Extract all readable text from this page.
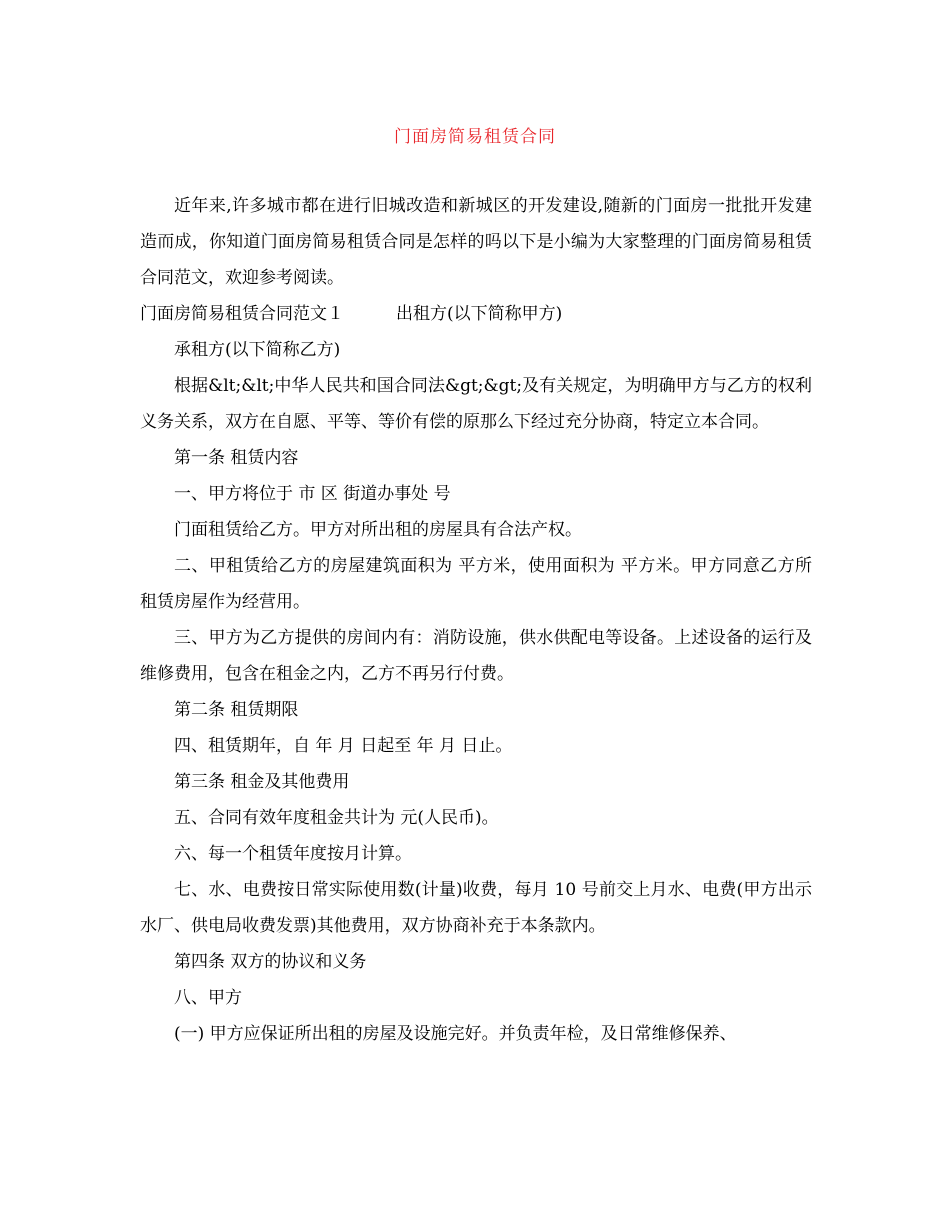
门面房简易租赁合同

近年来,许多城市都在进行旧城改造和新城区的开发建设,随新的门面房一批批开发建造而成，你知道门面房简易租赁合同是怎样的吗以下是小编为大家整理的门面房简易租赁合同范文，欢迎参考阅读。

门面房简易租赁合同范文１	出租方(以下简称甲方)

承租方(以下简称乙方)

根据&lt;&lt;中华人民共和国合同法&gt;&gt;及有关规定，为明确甲方与乙方的权利义务关系，双方在自愿、平等、等价有偿的原那么下经过充分协商，特定立本合同。

第一条 租赁内容

一、甲方将位于 市 区 街道办事处 号

门面租赁给乙方。甲方对所出租的房屋具有合法产权。

二、甲租赁给乙方的房屋建筑面积为 平方米，使用面积为 平方米。甲方同意乙方所租赁房屋作为经营用。

三、甲方为乙方提供的房间内有：消防设施，供水供配电等设备。上述设备的运行及维修费用，包含在租金之内，乙方不再另行付费。

第二条 租赁期限

四、租赁期年，自 年 月 日起至 年 月 日止。

第三条 租金及其他费用

五、合同有效年度租金共计为 元(人民币)。

六、每一个租赁年度按月计算。

七、水、电费按日常实际使用数(计量)收费，每月 10 号前交上月水、电费(甲方出示水厂、供电局收费发票)其他费用，双方协商补充于本条款内。

第四条 双方的协议和义务

八、甲方

(一) 甲方应保证所出租的房屋及设施完好。并负责年检，及日常维修保养、
